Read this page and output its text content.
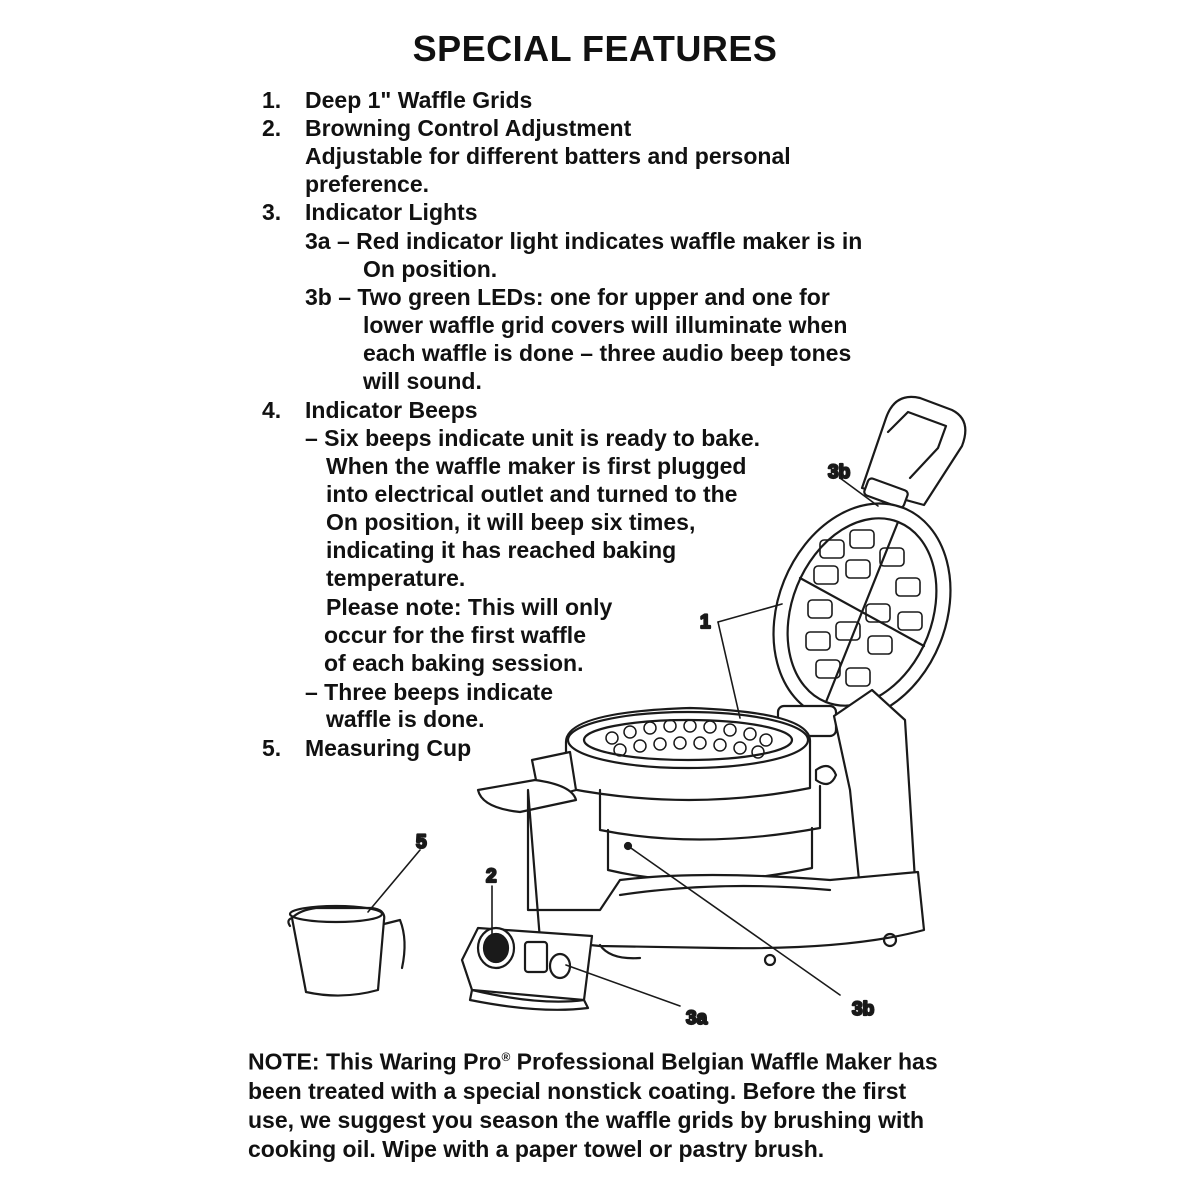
SPECIAL FEATURES
1. Deep 1" Waffle Grids
2. Browning Control Adjustment
Adjustable for different batters and personal
preference.
3. Indicator Lights
3a – Red indicator light indicates waffle maker is in
On position.
3b – Two green LEDs: one for upper and one for
lower waffle grid covers will illuminate when
each waffle is done – three audio beep tones
will sound.
4. Indicator Beeps
– Six beeps indicate unit is ready to bake.
When the waffle maker is first plugged
into electrical outlet and turned to the
On position, it will beep six times,
indicating it has reached baking
temperature.
Please note: This will only
occur for the first waffle
of each baking session.
– Three beeps indicate
waffle is done.
5. Measuring Cup
1
3b
2
3a	3b
5
NOTE: This Waring Pro® Professional Belgian Waffle Maker has been treated with a special nonstick coating. Before the first use, we suggest you season the waffle grids by brushing with cooking oil. Wipe with a paper towel or pastry brush.
